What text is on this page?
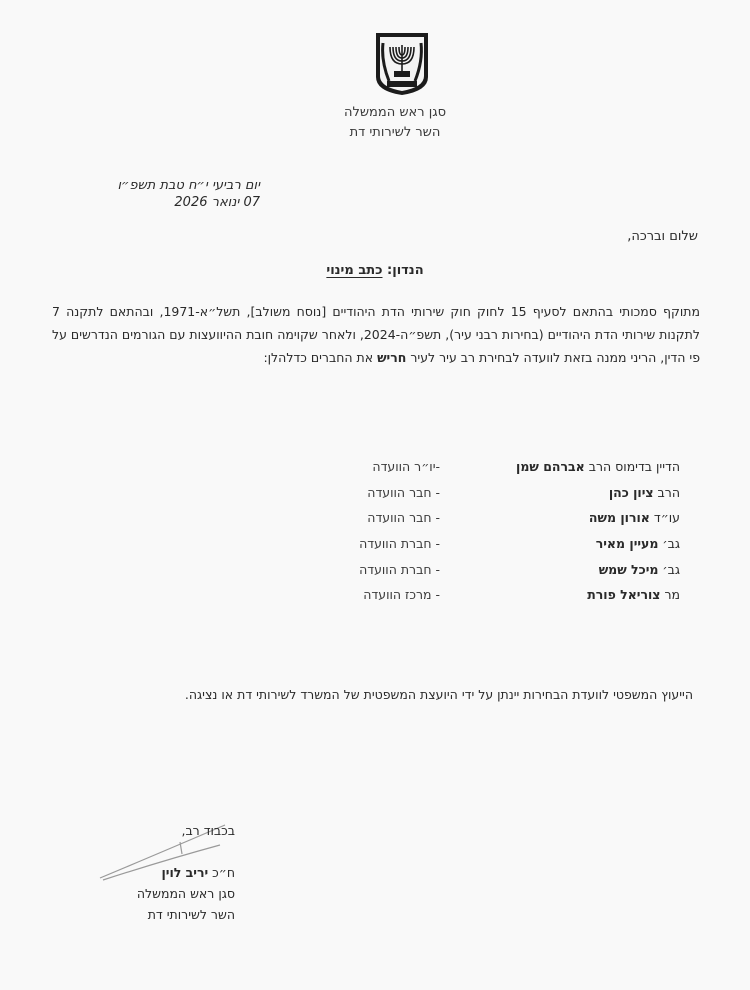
סגן ראש הממשלה
השר לשירותי דת
יום רביעי י״ח טבת תשפ״ו
07 ינואר 2026
שלום וברכה,
הנדון: כתב מינוי
מתוקף סמכותי בהתאם לסעיף 15 לחוק חוק שירותי הדת היהודיים [נוסח משולב], תשל״א-1971, ובהתאם לתקנה 7 לתקנות שירותי הדת היהודיים (בחירות רבני עיר), תשפ״ה-2024, ולאחר שקוימה חובת ההיוועצות עם הגורמים הנדרשים על פי הדין, הריני ממנה בזאת לוועדה לבחירת רב עיר לעיר חריש את החברים כדלהלן:
הדיין בדימוס הרב אברהם שמן
-יו״ר הוועדה
הרב ציון כהן
- חבר הוועדה
עו״ד אורון משה
- חבר הוועדה
גב׳ מעיין מאיר
- חברת הוועדה
גב׳ מיכל שמש
- חברת הוועדה
מר צוריאל פורת
- מרכז הוועדה
הייעוץ המשפטי לוועדת הבחירות יינתן על ידי היועצת המשפטית של המשרד לשירותי דת או נציגה.
בכבוד רב,
ח״כ יריב לוין
סגן ראש הממשלה
השר לשירותי דת
